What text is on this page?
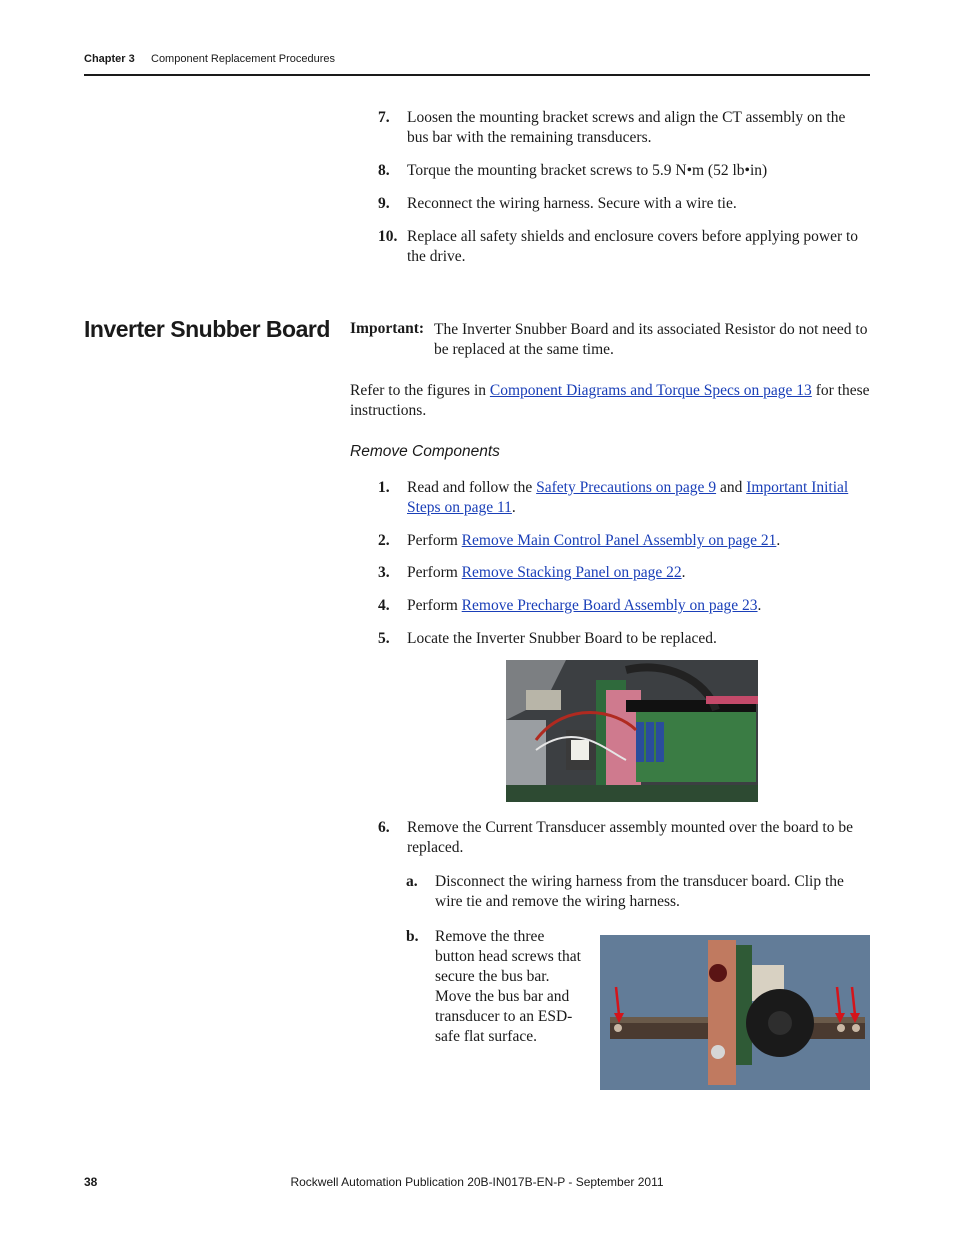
Chapter 3 Component Replacement Procedures
7. Loosen the mounting bracket screws and align the CT assembly on the bus bar with the remaining transducers.
8. Torque the mounting bracket screws to 5.9 N•m (52 lb•in)
9. Reconnect the wiring harness. Secure with a wire tie.
10. Replace all safety shields and enclosure covers before applying power to the drive.
Inverter Snubber Board Important: The Inverter Snubber Board and its associated Resistor do not need to be replaced at the same time.
Refer to the figures in Component Diagrams and Torque Specs on page 13 for these instructions.
Remove Components
1. Read and follow the Safety Precautions on page 9 and Important Initial Steps on page 11.
2. Perform Remove Main Control Panel Assembly on page 21.
3. Perform Remove Stacking Panel on page 22.
4. Perform Remove Precharge Board Assembly on page 23.
5. Locate the Inverter Snubber Board to be replaced.
6. Remove the Current Transducer assembly mounted over the board to be replaced.
a. Disconnect the wiring harness from the transducer board. Clip the wire tie and remove the wiring harness.
b. Remove the three button head screws that secure the bus bar. Move the bus bar and transducer to an ESD-safe flat surface.
38	Rockwell Automation Publication 20B-IN017B-EN-P - September 2011
